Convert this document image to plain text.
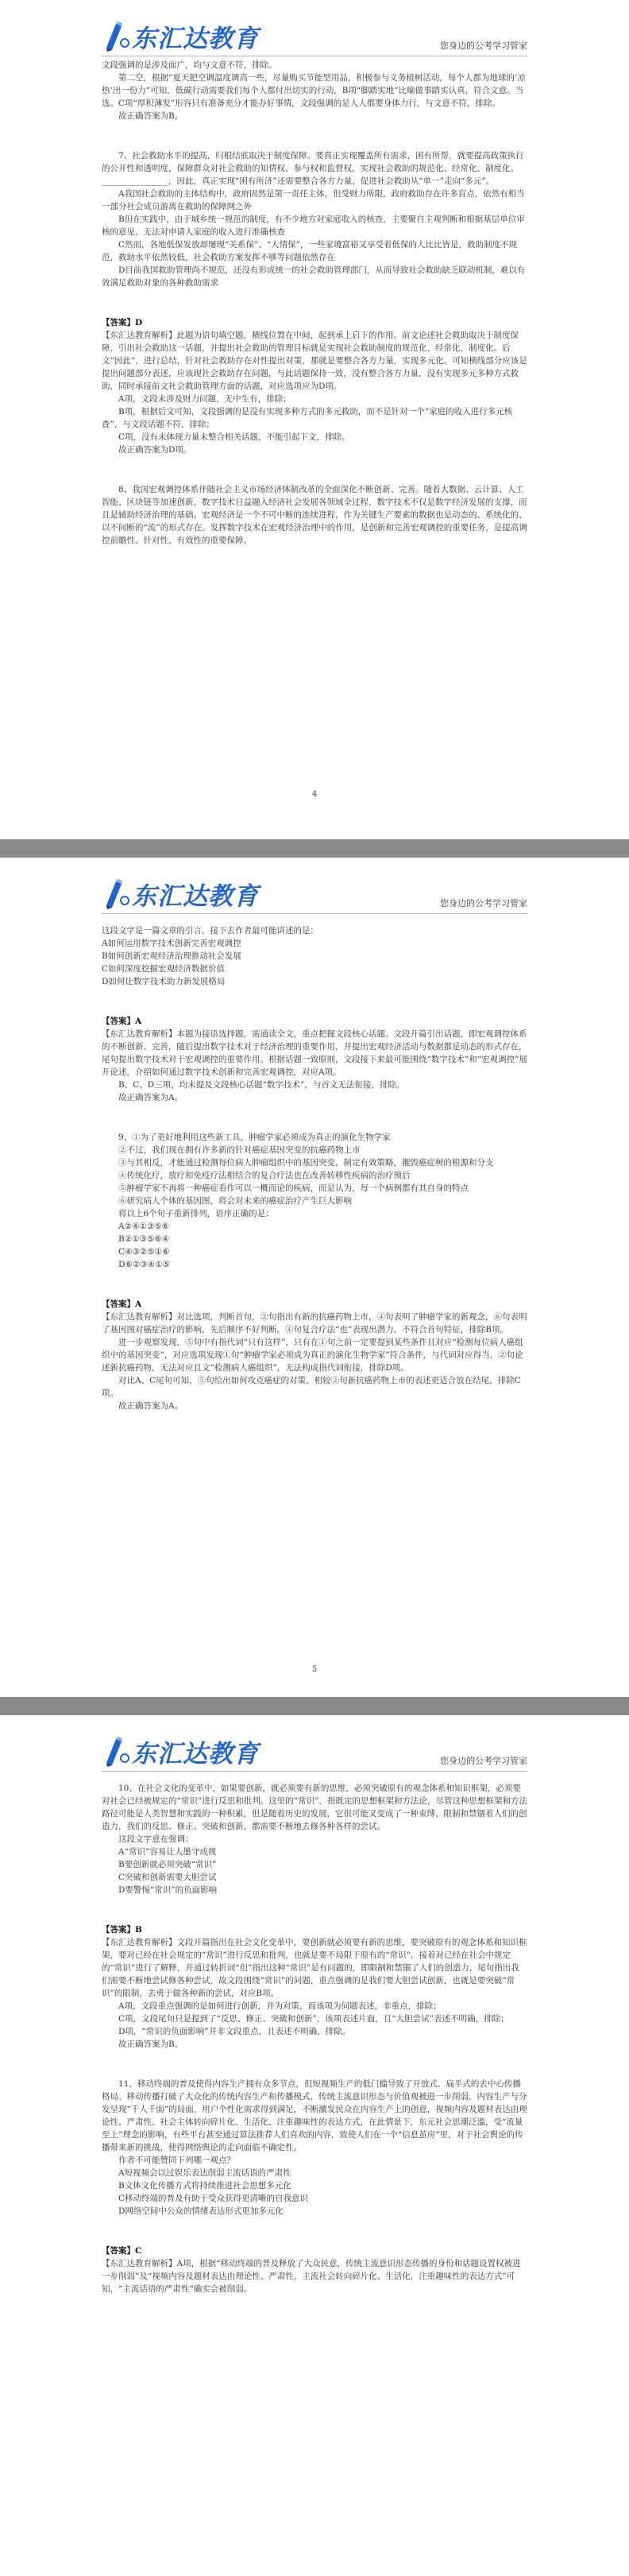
东汇达教育	您身边的公考学习管家

文段强调的是涉及面广，均与文意不符，排除。

第二空，根据“夏天把空调温度调高一些，尽量购买节能型用品，积极参与义务植树活动，每个人都为地球的‘凉热’出一份力”可知，低碳行动需要我们每个人都付出切实的行动，B项“脚踏实地”比喻做事踏实认真，符合文意。当选。C项“厚积薄发”形容只有准备充分才能办好事情，文段强调的是人人都要身体力行，与文意不符，排除。

故正确答案为B。

7、社会救助水平的提高，归根结底取决于制度保障。要真正实现覆盖所有需求，困有所帮，就要提高政策执行的公开性和透明度，保障群众对社会救助的知情权、参与权和监督权，实现社会救助的规范化、经常化、制度化。________________，因此，真正实现“困有所济”还需要整合各方力量，促进社会救助从“单一”走向“多元”。

A我国社会救助的主体结构中，政府固然是第一责任主体，但受财力所限，政府救助存在许多盲点，依然有相当一部分社会成员游离在救助的保障网之外

B但在实践中，由于城乡统一规范的制度，有不少地方对家庭收入的核查，主要聚自主观判断和根据基层单位审核的意见，无法对申请人家庭的收入进行准确核查

C然而，各地低保发放却屡现“关系保”、“人情保”，一些家境富裕又享受着低保的人比比皆是，救助制度不规范，救助水平依然较低，社会救助方案发挥不够等问题依然存在

D目前我国救助管理尚不规范，还没有形成统一的社会救助管理部门，从而导致社会救助缺乏联动机制，难以有效满足救助对象的各种救助需求

【答案】D

【东汇达教育解析】此题为语句填空题，横线位置在中间，起到承上启下的作用。前文论述社会救助取决于制度保障，引出社会救助这一话题，并提出社会救助的管理目标就是实现社会救助制度的规范化、经常化、制度化。后文“因此”，进行总结，针对社会救助存在对性提出对策，那就是要整合各方力量，实现多元化。可知横线部分应该是提出问题部分表述，应该现社会救助存在问题，与此话题保持一致，没有整合各方力量，没有实现多元多种方式救助，同时承接前文社会救助管理方面的话题，对应选项应为D项。

A项，文段未涉及财力问题，无中生有，排除；

B项，根据后文可知，文段强调的是没有实现多种方式的多元救助，而不是针对一个“家庭的收入进行多元核查”，与文段话题不符，排除；

C项，没有未体现力量未整合相关话题，不能引起下文，排除。

故正确答案为D项。

8、我国宏观调控体系伴随社会主义市场经济体制改革的全面深化不断创新、完善。随着大数据、云计算、人工智能、区块链等加速创新，数字技术日益融入经济社会发展各领域全过程，数字技术不仅是数字经济发展的支撑，而且是辅助经济治理的基础。宏观经济是一个不可中断的连续进程，作为关键生产要素的数据也是动态的、系统化的、以不间断的“流”的形式存在。发挥数字技术在宏观经济治理中的作用，是创新和完善宏观调控的重要任务，是提高调控前瞻性、针对性、有效性的重要保障。

4
东汇达教育	您身边的公考学习管家

这段文字是一篇文章的引言，接下去作者最可能讲述的是：

A如何运用数字技术创新完善宏观调控

B如何创新宏观经济治理推动社会发展

C如何深度挖掘宏观经济数据价值

D如何让数字技术助力新发展格局

【答案】A

【东汇达教育解析】本题为接语选择题，需通读全文，重点把握文段核心话题。文段开篇引出话题，即宏观调控体系的不断创新、完善，随后提出数字技术对于经济治理的重要作用，并提出宏观经济活动与数据都是动态的形式存在，尾句提出数字技术对于宏观调控的重要作用。根据话题一致原则，文段接下来最可能围绕“数字技术”和“宏观调控”展开论述，介绍如何通过数字技术创新和完善宏观调控，对应A项。

B、C、D三项，均未提及文段核心话题“数字技术”，与首文无法衔接，排除。

故正确答案为A。

9、①为了更好地利用这些新工具，肿瘤学家必须成为真正的演化生物学家

②不过，我们现在拥有许多新的针对癌症基因突变的抗癌药物上市

③与其相反，才能通过检测每位病人肿瘤组织中的基因突变，制定有效策略，摧毁癌症树的根源和分支

④传统化疗，放疗和免疫疗法相结合的复合疗法也在改善转移性疾病的治疗预后

⑤肿瘤学家不再将一种癌症看作可以一概而论的疾病，而是认为，每一个病例都有其自身的特点

⑥研究病人个体的基因图，将会对未来的癌症治疗产生巨大影响

将以上6个句子重新排列，语序正确的是：

A②④①③⑤⑥

B②①③⑤⑥④

C④③②⑤①⑥

D⑥②③④①⑤

【答案】A

【东汇达教育解析】对比选项，判断首句，②句指出有新的抗癌药物上市，④句表明了肿瘤学家的新观念，⑥句表明了基因图对癌症治疗的影响，先后顺序不好判断。④句复合疗法“也”表现出潜力，不符合首句特征，排除B项。

进一步观察发现，⑤句中有指代词“只有这样”，只有在①句之前一定要提到某些条件且对应“检测每位病人癌组织中的基因突变”，对应选项发现①句“肿瘤学家必须成为真正的演化生物学家”符合条件，与代词对应得当，②句论述新抗癌药物，无法对应且文“检测病人癌组织”，无法构成指代词衔接，排除D项。

对比A、C尾句可知，⑤句给出如何攻克癌症的对策，相较②句新抗癌药物上市的表述更适合放在结尾，排除C项。

故正确答案为A。

5
东汇达教育	您身边的公考学习管家

10、在社会文化的变革中，如果要创新，就必须要有新的思维，必须突破原有的观念体系和知识框架，必须要对社会已经被规定的“常识”进行反思和批判。这里的“常识”，指既定的思想框架和方法论，尽管这种思想框架和方法路径可能是人类智慧和实践的一种积累，但是随着历史的发展，它很可能又变成了一种束缚、限制和禁锢着人们的创造力，我们的反思、修正、突破和创新，都需要不断地去修各种各样的尝试。

这段文字意在强调：

A“常识”容易让人墨守成规

B要创新就必须突破“常识”

C突破和创新需要大胆尝试

D要警惕“常识”的负面影响

【答案】B

【东汇达教育解析】文段开篇指出在社会文化变革中，要创新就必须要有新的思维，要突破原有的观念体系和知识框架，要对已经在社会规定的“常识”进行反思和批判，也就是要不局限于原有的“常识”。接着对已经在社会中规定的“常识”进行了解释，并通过转折词“但”指出这种“常识”是有问题的，即限制和禁锢了人们的创造力，尾句指出我们需要不断地尝试修各种尝试，故文段围绕“常识”的问题，重点强调的是我们要大胆尝试创新，也就是要突破“常识”的限制，去勇于做各种新的尝试，对应B项。

A项，文段重点强调的是如何进行创新，并为对策，而该项为问题表述，非重点，排除；

C项，文段尾句只是提到了“反思、修正、突破和创新”，该项表述片面，且“大胆尝试”表述不明确，排除；

D项，“常识的负面影响”并非文段重点，且表述不明确，排除。

故正确答案为B。

11、移动终端的普及使得内容生产拥有众多节点，但短视频生产的低门槛导致了开放式、扁平式的去中心传播格局。移动传播打破了大众化的传统内容生产和传播模式，传统主流意识形态与价值观被进一步削弱，内容生产与分发呈现“千人千面”的局面，用户个性化需求得到满足，不断激发民众在内容生产上的创意，视频内容及题材表达由理论性、严肃性、社会主体转向碎片化、生活化、注重趣味性的表达方式，在此情景下，东元社会思潮泛滥，受“流量至上”理念的影响，有些平台甚至通过算法推荐人们喜欢的内容，致使人们在一个“信息茧房”里，对于社会舆论的传播带来新的挑战，使得网络舆论的走向面临不确定性。

作者不可能赞同下列哪一观点？

A短视频会以过娱乐表达削弱主流话语的严肃性

B文体文化传播方式将持续推进社会思想多元化

C移动终端的普及有助于受众获得更清晰的自我意识

D网络空间中公众的情绪表达形式更加多元化

【答案】C

【东汇达教育解析】A项，根据“移动终端的普及释放了大众民意，传统主流意识形态传播的身份和话题设置权被进一步削弱”及“视频内容及题材表达由理论性、严肃性，主流社会转向碎片化、生活化，注重趣味性的表达方式”可知，“主流话语的严肃性”确实会被削弱。
